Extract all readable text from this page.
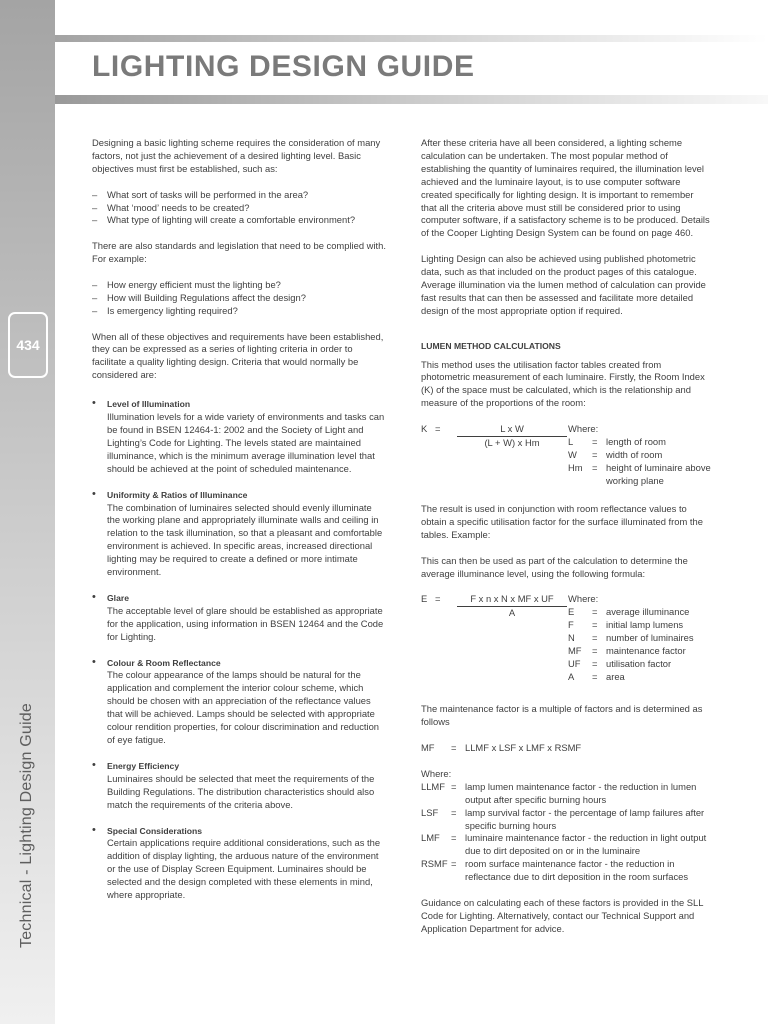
434
Technical - Lighting Design Guide
LIGHTING DESIGN GUIDE

Designing a basic lighting scheme requires the consideration of many factors, not just the achievement of a desired lighting level. Basic objectives must first be established, such as:

– What sort of tasks will be performed in the area?
– What ‘mood’ needs to be created?
– What type of lighting will create a comfortable environment?

There are also standards and legislation that need to be complied with. For example:

– How energy efficient must the lighting be?
– How will Building Regulations affect the design?
– Is emergency lighting required?

When all of these objectives and requirements have been established, they can be expressed as a series of lighting criteria in order to facilitate a quality lighting design. Criteria that would normally be considered are:

• Level of Illumination
Illumination levels for a wide variety of environments and tasks can be found in BSEN 12464-1: 2002 and the Society of Light and Lighting’s Code for Lighting. The levels stated are maintained illuminance, which is the minimum average illumination level that should be achieved at the point of scheduled maintenance.
• Uniformity & Ratios of Illuminance
The combination of luminaires selected should evenly illuminate the working plane and appropriately illuminate walls and ceiling in relation to the task illumination, so that a pleasant and comfortable environment is achieved. In specific areas, increased directional lighting may be required to create a defined or more intimate environment.
• Glare
The acceptable level of glare should be established as appropriate for the application, using information in BSEN 12464 and the Code for Lighting.
• Colour & Room Reflectance
The colour appearance of the lamps should be natural for the application and complement the interior colour scheme, which should be chosen with an appreciation of the reflectance values that will be achieved. Lamps should be selected with appropriate colour rendition properties, for colour discrimination and reduction of eye fatigue.
• Energy Efficiency
Luminaires should be selected that meet the requirements of the Building Regulations. The distribution characteristics should also match the requirements of the criteria above.
• Special Considerations
Certain applications require additional considerations, such as the addition of display lighting, the arduous nature of the environment or the use of Display Screen Equipment. Luminaires should be selected and the design completed with these elements in mind, where appropriate.

After these criteria have all been considered, a lighting scheme calculation can be undertaken. The most popular method of establishing the quantity of luminaires required, the illumination level achieved and the luminaire layout, is to use computer software created specifically for lighting design. It is important to remember that all the criteria above must still be considered prior to using computer software, if a satisfactory scheme is to be produced. Details of the Cooper Lighting Design System can be found on page 460.

Lighting Design can also be achieved using published photometric data, such as that included on the product pages of this catalogue. Average illumination via the lumen method of calculation can provide fast results that can then be assessed and facilitate more detailed design of the most appropriate option if required.

LUMEN METHOD CALCULATIONS

This method uses the utilisation factor tables created from photometric measurement of each luminaire. Firstly, the Room Index (K) of the space must be calculated, which is the relationship and measure of the proportions of the room:

K =	$\frac{\text{L x W}}{\text{(L + W) x Hm}}$ Where:
L	= length of room
W	= width of room
Hm	= height of luminaire above working plane

The result is used in conjunction with room reflectance values to obtain a specific utilisation factor for the surface illuminated from the tables. Example:

This can then be used as part of the calculation to determine the average illuminance level, using the following formula:

E =	$\frac{\text{F x n x N x MF x UF}}{A}$ Where:
E	= average illuminance
F	= initial lamp lumens
N	= number of luminaires
MF	= maintenance factor
UF	= utilisation factor
A	= area

The maintenance factor is a multiple of factors and is determined as follows

MF	= LLMF x LSF x LMF x RSMF
Where:
LLMF = lamp lumen maintenance factor - the reduction in lumen output after specific burning hours
LSF	= lamp survival factor - the percentage of lamp failures after specific burning hours
LMF	= luminaire maintenance factor - the reduction in light output due to dirt deposited on or in the luminaire
RSMF = room surface maintenance factor - the reduction in reflectance due to dirt deposition in the room surfaces

Guidance on calculating each of these factors is provided in the SLL Code for Lighting. Alternatively, contact our Technical Support and Application Department for advice.
